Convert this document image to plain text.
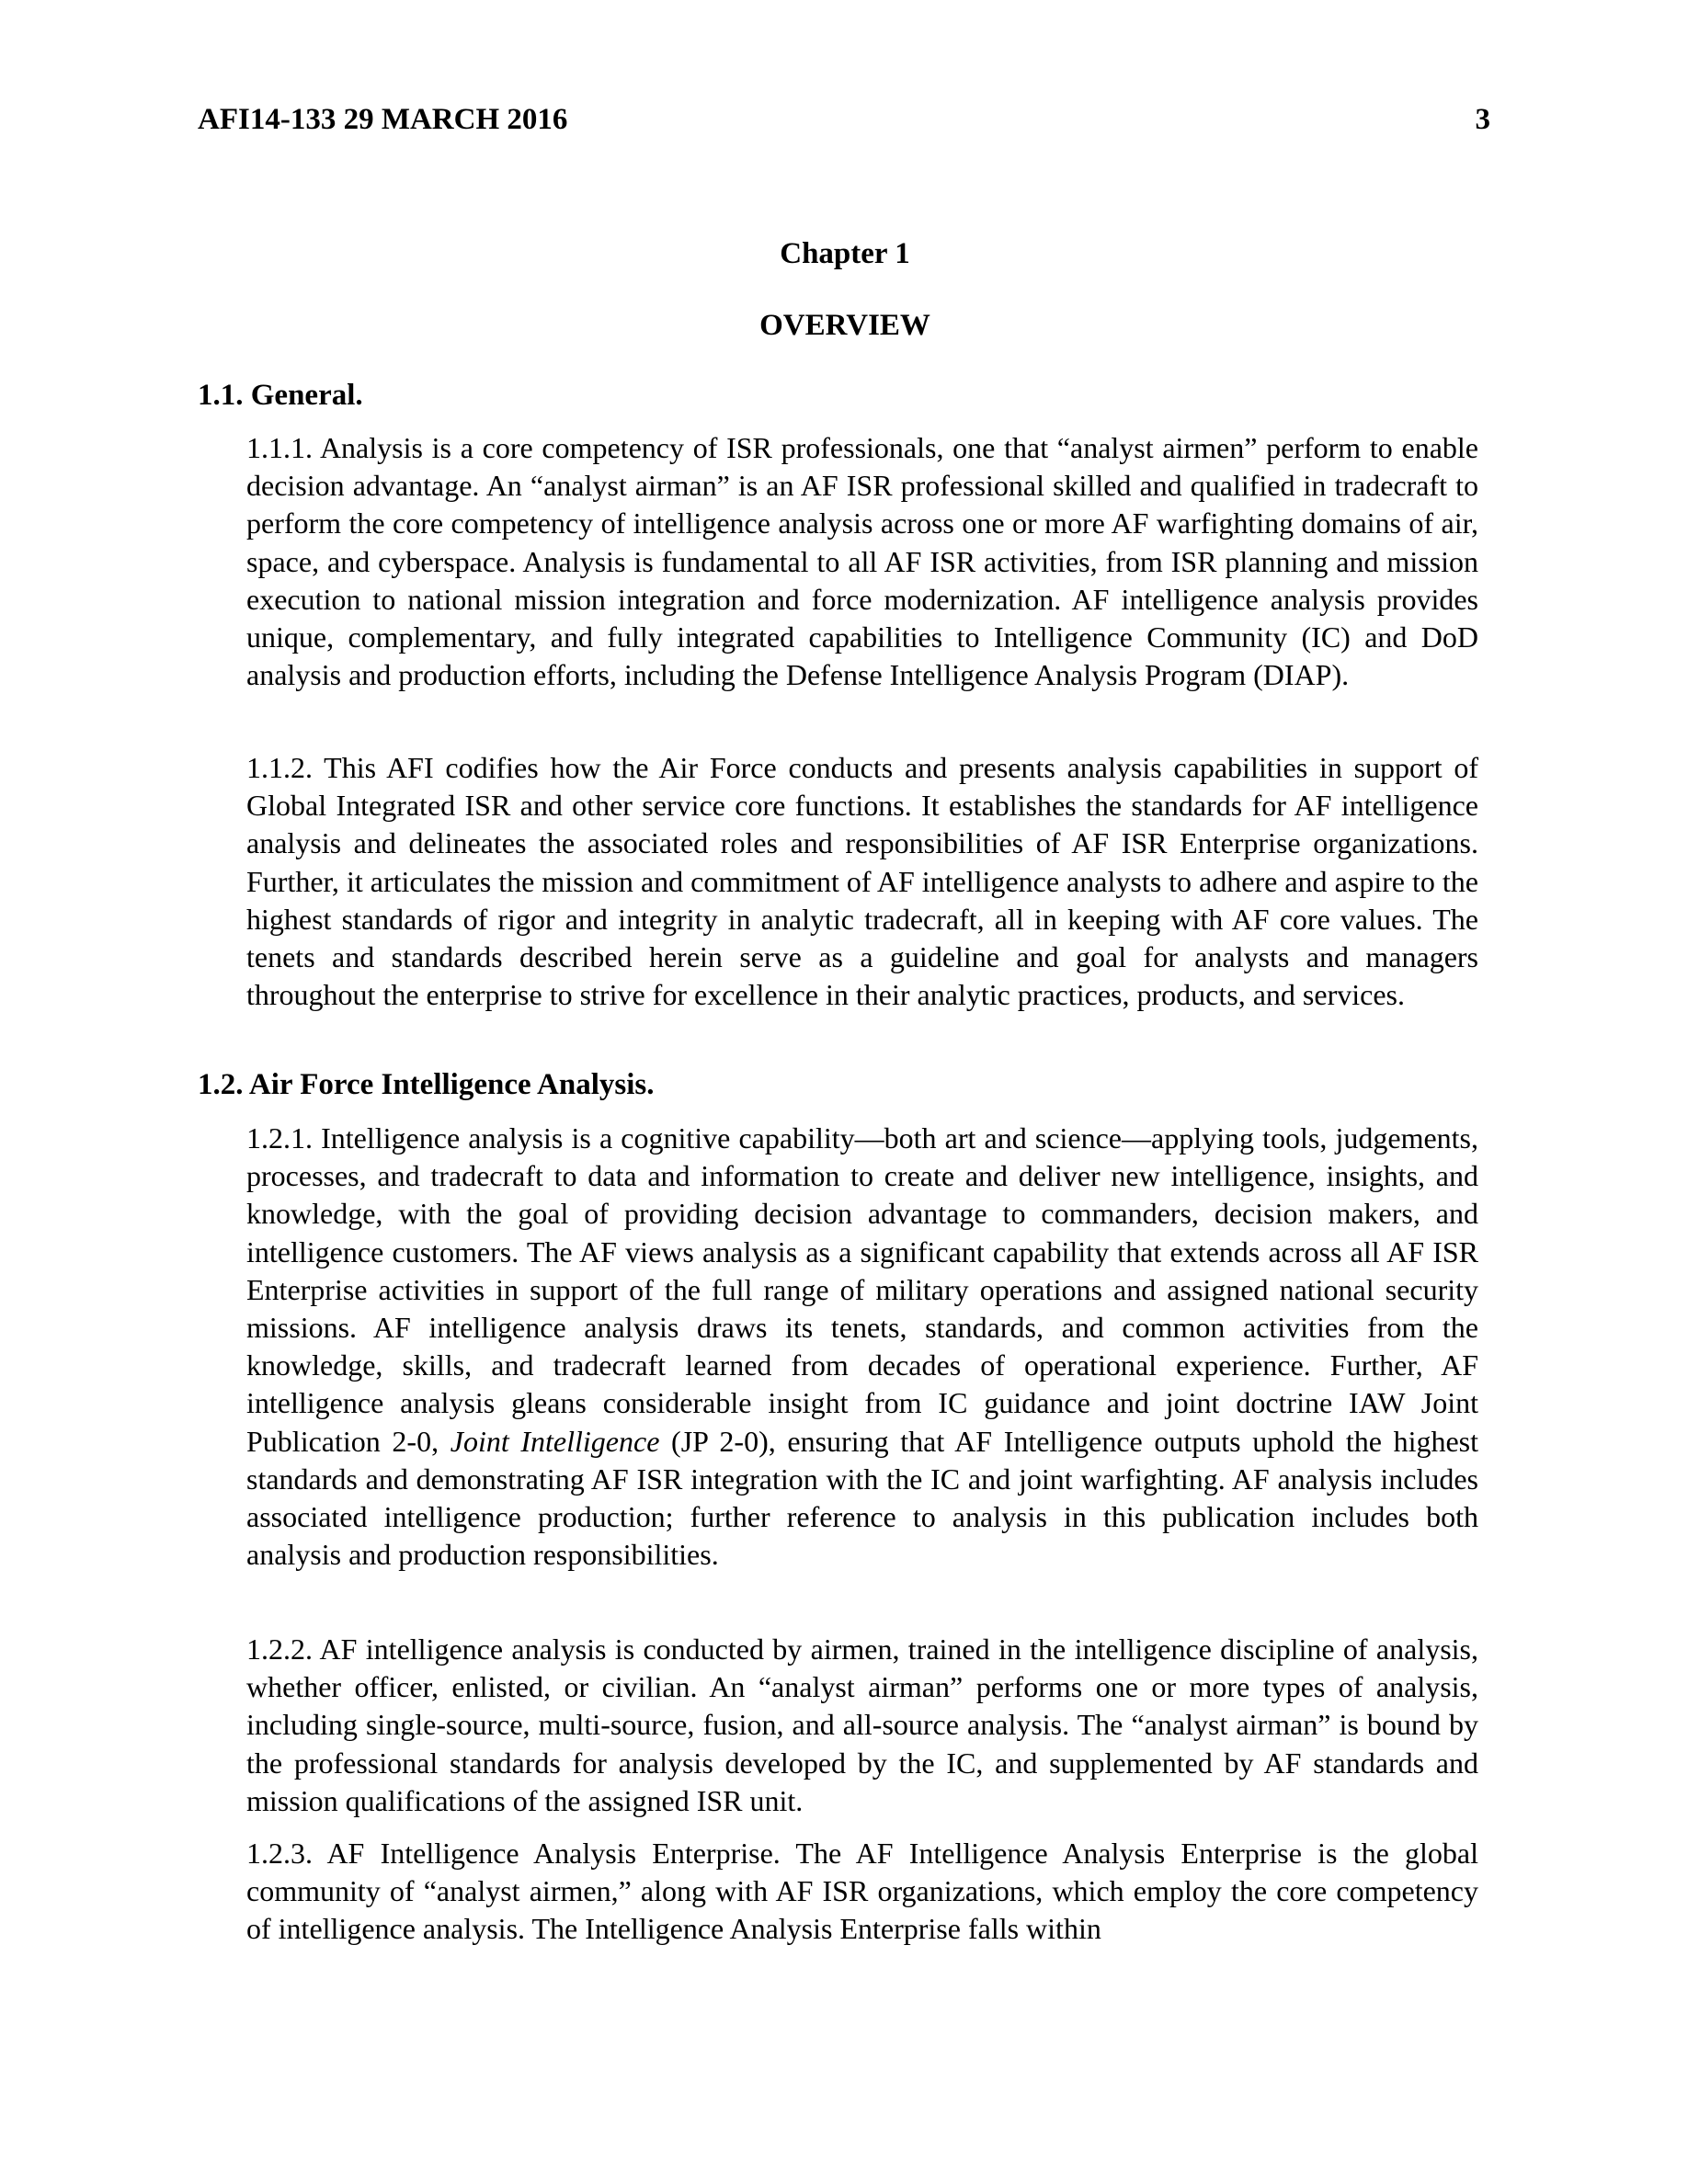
AFI14-133 29 MARCH 2016	3
Chapter 1
OVERVIEW
1.1. General.

1.1.1. Analysis is a core competency of ISR professionals, one that “analyst airmen” perform to enable decision advantage. An “analyst airman” is an AF ISR professional skilled and qualified in tradecraft to perform the core competency of intelligence analysis across one or more AF warfighting domains of air, space, and cyberspace. Analysis is fundamental to all AF ISR activities, from ISR planning and mission execution to national mission integration and force modernization. AF intelligence analysis provides unique, complementary, and fully integrated capabilities to Intelligence Community (IC) and DoD analysis and production efforts, including the Defense Intelligence Analysis Program (DIAP).

1.1.2. This AFI codifies how the Air Force conducts and presents analysis capabilities in support of Global Integrated ISR and other service core functions. It establishes the standards for AF intelligence analysis and delineates the associated roles and responsibilities of AF ISR Enterprise organizations. Further, it articulates the mission and commitment of AF intelligence analysts to adhere and aspire to the highest standards of rigor and integrity in analytic tradecraft, all in keeping with AF core values. The tenets and standards described herein serve as a guideline and goal for analysts and managers throughout the enterprise to strive for excellence in their analytic practices, products, and services.

1.2. Air Force Intelligence Analysis.

1.2.1. Intelligence analysis is a cognitive capability—both art and science—applying tools, judgements, processes, and tradecraft to data and information to create and deliver new intelligence, insights, and knowledge, with the goal of providing decision advantage to commanders, decision makers, and intelligence customers. The AF views analysis as a significant capability that extends across all AF ISR Enterprise activities in support of the full range of military operations and assigned national security missions. AF intelligence analysis draws its tenets, standards, and common activities from the knowledge, skills, and tradecraft learned from decades of operational experience. Further, AF intelligence analysis gleans considerable insight from IC guidance and joint doctrine IAW Joint Publication 2-0, Joint Intelligence (JP 2-0), ensuring that AF Intelligence outputs uphold the highest standards and demonstrating AF ISR integration with the IC and joint warfighting. AF analysis includes associated intelligence production; further reference to analysis in this publication includes both analysis and production responsibilities.

1.2.2. AF intelligence analysis is conducted by airmen, trained in the intelligence discipline of analysis, whether officer, enlisted, or civilian. An “analyst airman” performs one or more types of analysis, including single-source, multi-source, fusion, and all-source analysis. The “analyst airman” is bound by the professional standards for analysis developed by the IC, and supplemented by AF standards and mission qualifications of the assigned ISR unit.

1.2.3. AF Intelligence Analysis Enterprise. The AF Intelligence Analysis Enterprise is the global community of “analyst airmen,” along with AF ISR organizations, which employ the core competency of intelligence analysis. The Intelligence Analysis Enterprise falls within
